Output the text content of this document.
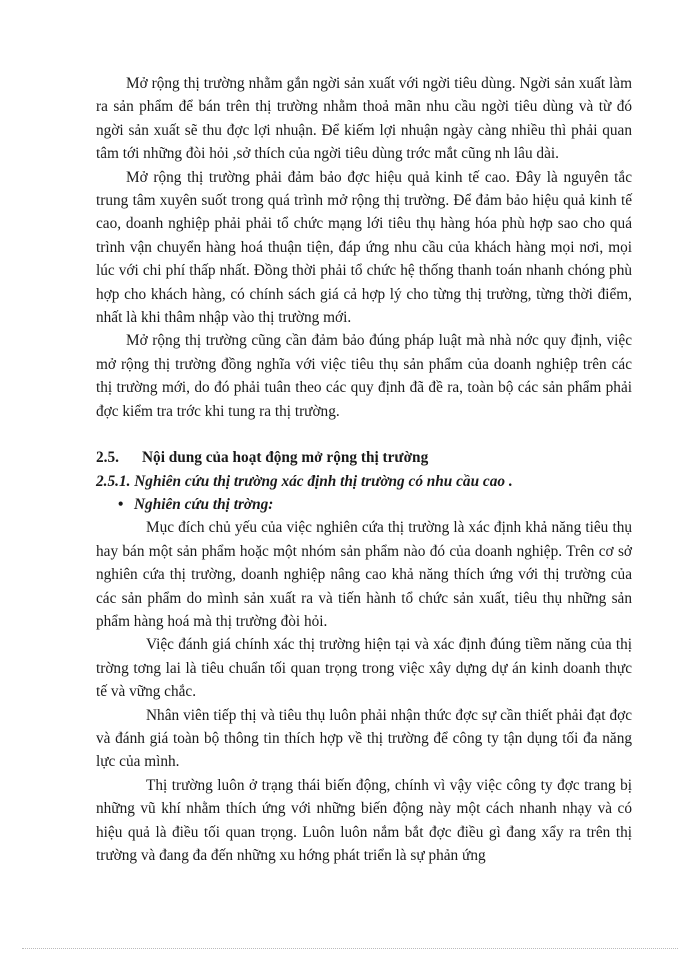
Mở rộng thị trường nhằm gắn ngời sản xuất với ngời tiêu dùng. Ngời sản xuất làm ra sản phẩm để bán trên thị trường nhằm thoả mãn nhu cầu ngời tiêu dùng và từ đó ngời sản xuất sẽ thu đợc lợi nhuận. Để kiếm lợi nhuận ngày càng nhiều thì phải quan tâm tới những đòi hỏi ,sở thích của ngời tiêu dùng trớc mắt cũng nh lâu dài.

Mở rộng thị trường phải đảm bảo đợc hiệu quả kinh tế cao. Đây là nguyên tắc trung tâm xuyên suốt trong quá trình mở rộng thị trường. Để đảm bảo hiệu quả kinh tế cao, doanh nghiệp phải phải tổ chức mạng lới tiêu thụ hàng hóa phù hợp sao cho quá trình vận chuyển hàng hoá thuận tiện, đáp ứng nhu cầu của khách hàng mọi nơi, mọi lúc với chi phí thấp nhất. Đồng thời phải tổ chức hệ thống thanh toán nhanh chóng phù hợp cho khách hàng, có chính sách giá cả hợp lý cho từng thị trường, từng thời điểm, nhất là khi thâm nhập vào thị trường mới.

Mở rộng thị trường cũng cần đảm bảo đúng pháp luật mà nhà nớc quy định, việc mở rộng thị trường đồng nghĩa với việc tiêu thụ sản phẩm của doanh nghiệp trên các thị trường mới, do đó phải tuân theo các quy định đã đề ra, toàn bộ các sản phẩm phải đợc kiểm tra trớc khi tung ra thị trường.

2.5. Nội dung của hoạt động mở rộng thị trường
2.5.1. Nghiên cứu thị trường xác định thị trường có nhu cầu cao .
• Nghiên cứu thị trờng:

Mục đích chủ yếu của việc nghiên cứa thị trường là xác định khả năng tiêu thụ hay bán một sản phẩm hoặc một nhóm sản phẩm nào đó của doanh nghiệp. Trên cơ sở nghiên cứa thị trường, doanh nghiệp nâng cao khả năng thích ứng với thị trường của các sản phẩm do mình sản xuất ra và tiến hành tổ chức sản xuất, tiêu thụ những sản phẩm hàng hoá mà thị trường đòi hỏi.

Việc đánh giá chính xác thị trường hiện tại và xác định đúng tiềm năng của thị trờng tơng lai là tiêu chuẩn tối quan trọng trong việc xây dựng dự án kinh doanh thực tế và vững chắc.

Nhân viên tiếp thị và tiêu thụ luôn phải nhận thức đợc sự cần thiết phải đạt đợc và đánh giá toàn bộ thông tin thích hợp về thị trường để công ty tận dụng tối đa năng lực của mình.

Thị trường luôn ở trạng thái biến động, chính vì vậy việc công ty đợc trang bị những vũ khí nhằm thích ứng với những biến động này một cách nhanh nhạy và có hiệu quả là điều tối quan trọng. Luôn luôn nắm bắt đợc điều gì đang xẩy ra trên thị trường và đang đa đến những xu hớng phát triển là sự phản ứng
